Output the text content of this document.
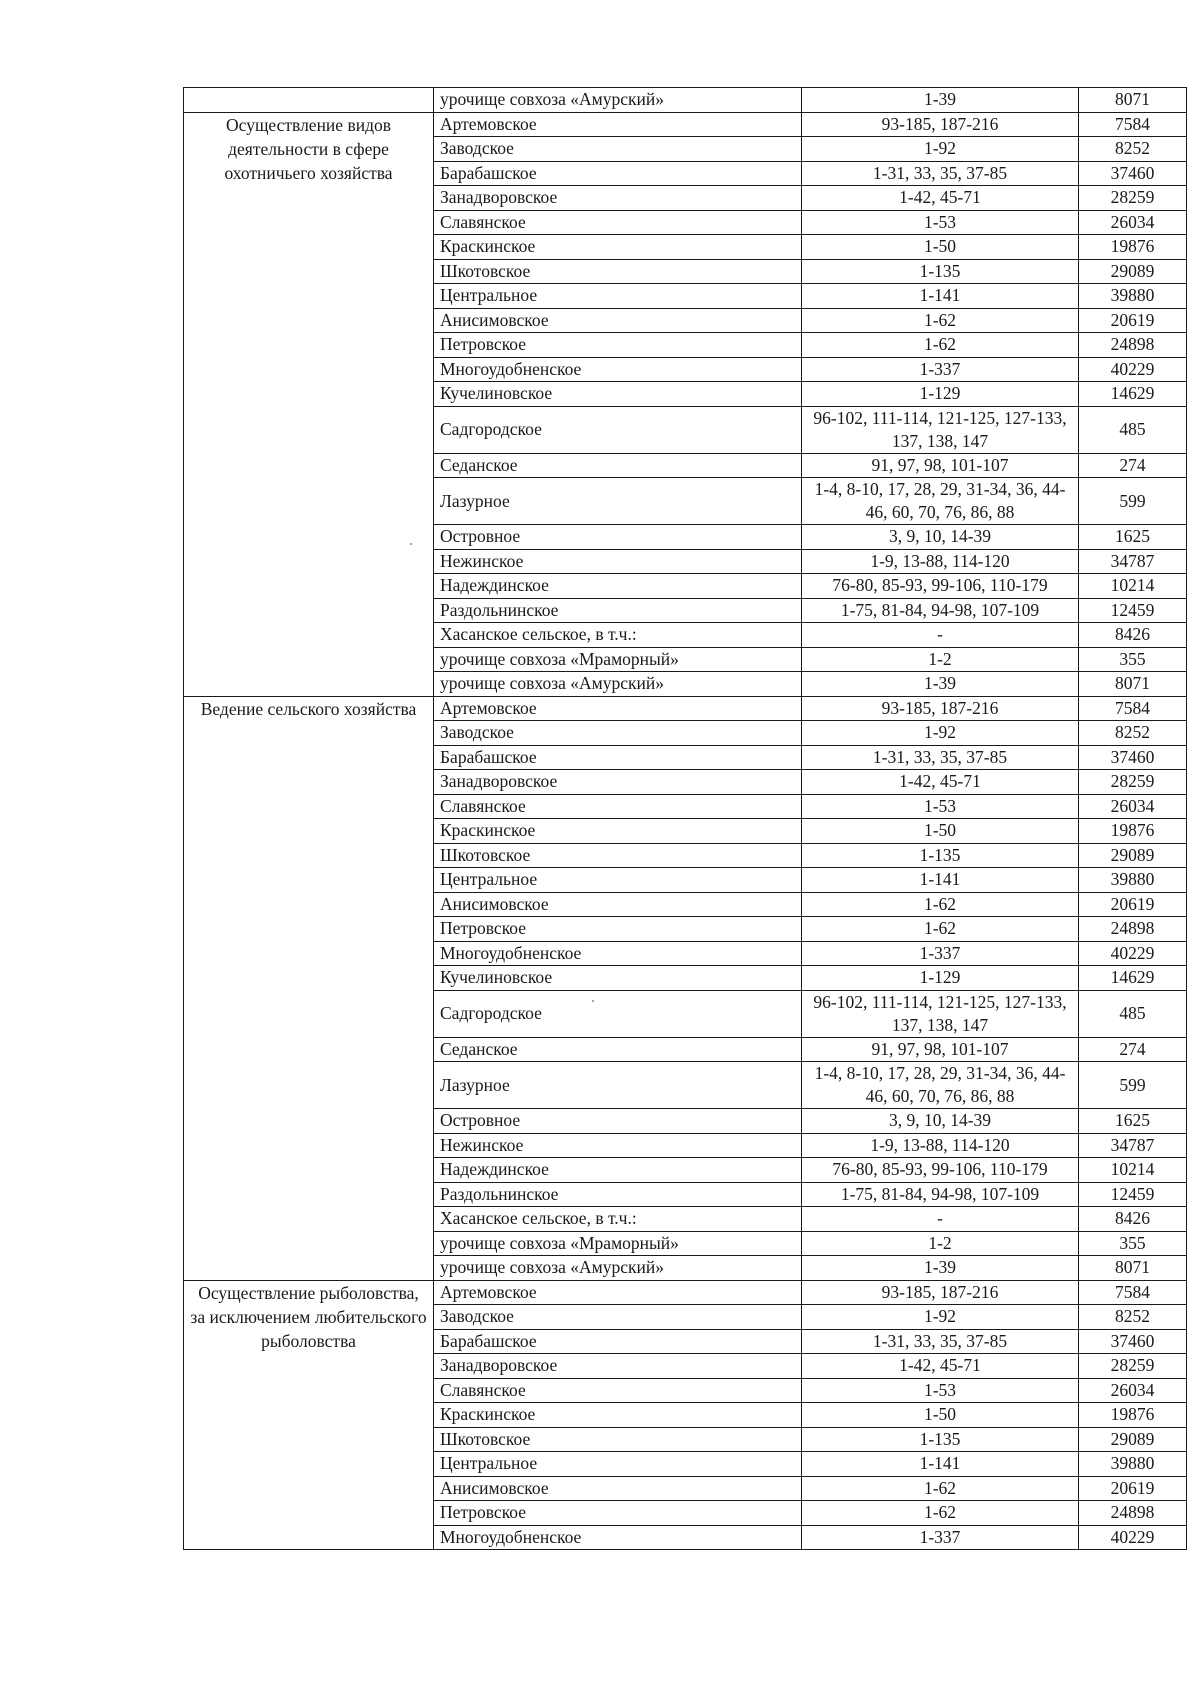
	урочище совхоза «Амурский»	1-39	8071
Осуществление видов деятельности в сфере охотничьего хозяйства	Артемовское	93-185, 187-216	7584
	Заводское	1-92	8252
	Барабашское	1-31, 33, 35, 37-85	37460
	Занадворовское	1-42, 45-71	28259
	Славянское	1-53	26034
	Краскинское	1-50	19876
	Шкотовское	1-135	29089
	Центральное	1-141	39880
	Анисимовское	1-62	20619
	Петровское	1-62	24898
	Многоудобненское	1-337	40229
	Кучелиновское	1-129	14629
	Садгородское	96-102, 111-114, 121-125, 127-133, 137, 138, 147	485
	Седанское	91, 97, 98, 101-107	274
	Лазурное	1-4, 8-10, 17, 28, 29, 31-34, 36, 44-46, 60, 70, 76, 86, 88	599
	Островное	3, 9, 10, 14-39	1625
	Нежинское	1-9, 13-88, 114-120	34787
	Надеждинское	76-80, 85-93, 99-106, 110-179	10214
	Раздольнинское	1-75, 81-84, 94-98, 107-109	12459
	Хасанское сельское, в т.ч.:	-	8426
	урочище совхоза «Мраморный»	1-2	355
	урочище совхоза «Амурский»	1-39	8071
Ведение сельского хозяйства	Артемовское	93-185, 187-216	7584
	Заводское	1-92	8252
	Барабашское	1-31, 33, 35, 37-85	37460
	Занадворовское	1-42, 45-71	28259
	Славянское	1-53	26034
	Краскинское	1-50	19876
	Шкотовское	1-135	29089
	Центральное	1-141	39880
	Анисимовское	1-62	20619
	Петровское	1-62	24898
	Многоудобненское	1-337	40229
	Кучелиновское	1-129	14629
	Садгородское	96-102, 111-114, 121-125, 127-133, 137, 138, 147	485
	Седанское	91, 97, 98, 101-107	274
	Лазурное	1-4, 8-10, 17, 28, 29, 31-34, 36, 44-46, 60, 70, 76, 86, 88	599
	Островное	3, 9, 10, 14-39	1625
	Нежинское	1-9, 13-88, 114-120	34787
	Надеждинское	76-80, 85-93, 99-106, 110-179	10214
	Раздольнинское	1-75, 81-84, 94-98, 107-109	12459
	Хасанское сельское, в т.ч.:	-	8426
	урочище совхоза «Мраморный»	1-2	355
	урочище совхоза «Амурский»	1-39	8071
Осуществление рыболовства, за исключением любительского рыболовства	Артемовское	93-185, 187-216	7584
	Заводское	1-92	8252
	Барабашское	1-31, 33, 35, 37-85	37460
	Занадворовское	1-42, 45-71	28259
	Славянское	1-53	26034
	Краскинское	1-50	19876
	Шкотовское	1-135	29089
	Центральное	1-141	39880
	Анисимовское	1-62	20619
	Петровское	1-62	24898
	Многоудобненское	1-337	40229
